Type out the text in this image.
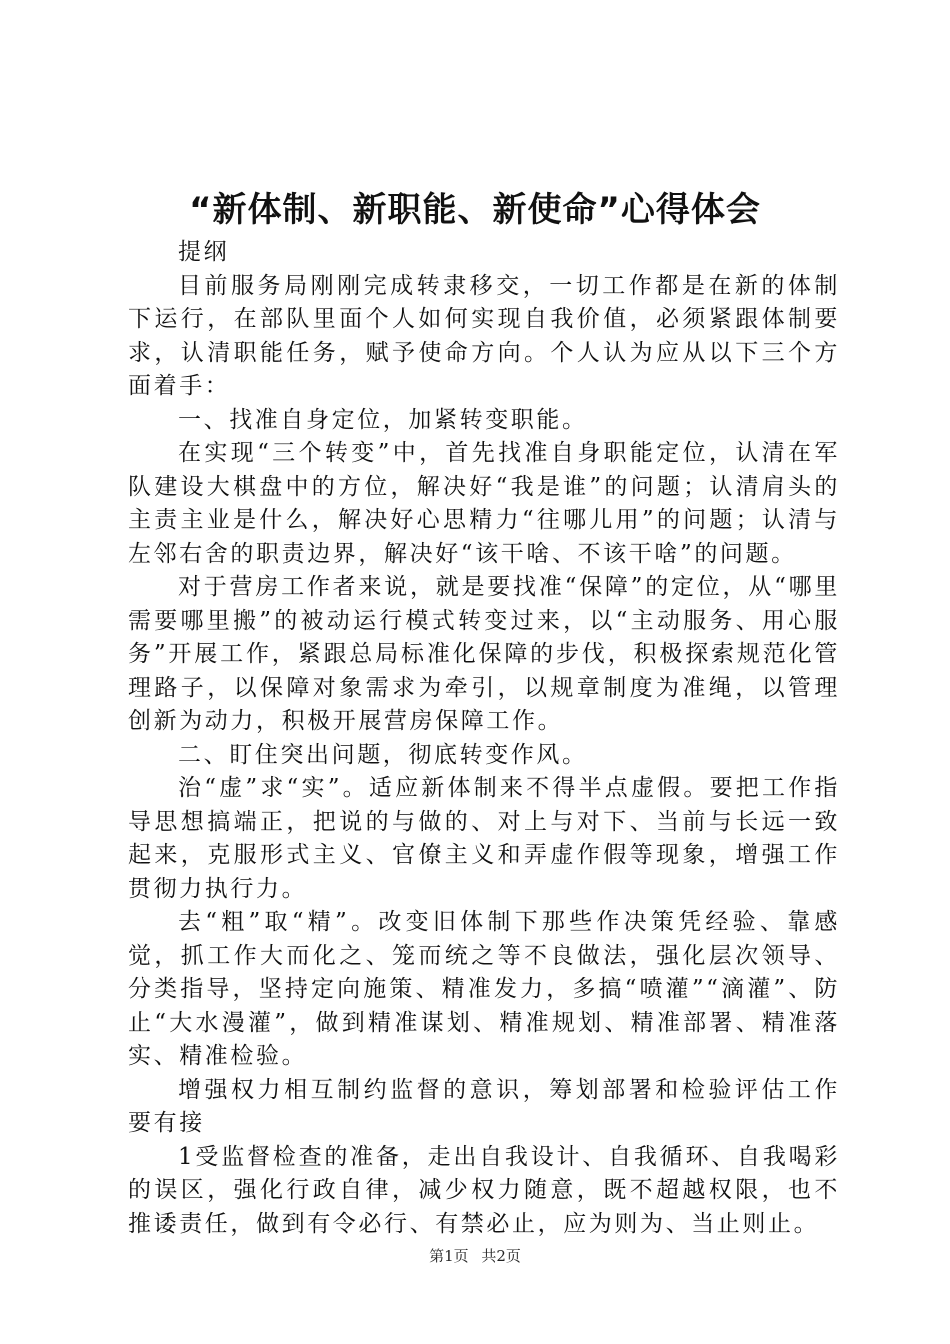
“新体制、新职能、新使命”心得体会

提纲

目前服务局刚刚完成转隶移交，一切工作都是在新的体制下运行，在部队里面个人如何实现自我价值，必须紧跟体制要求，认清职能任务，赋予使命方向。个人认为应从以下三个方面着手：

一、找准自身定位，加紧转变职能。

在实现“三个转变”中，首先找准自身职能定位，认清在军队建设大棋盘中的方位，解决好“我是谁”的问题；认清肩头的主责主业是什么，解决好心思精力“往哪儿用”的问题；认清与左邻右舍的职责边界，解决好“该干啥、不该干啥”的问题。

对于营房工作者来说，就是要找准“保障”的定位，从“哪里需要哪里搬”的被动运行模式转变过来，以“主动服务、用心服务”开展工作，紧跟总局标准化保障的步伐，积极探索规范化管理路子，以保障对象需求为牵引，以规章制度为准绳，以管理创新为动力，积极开展营房保障工作。

二、盯住突出问题，彻底转变作风。

治“虚”求“实”。适应新体制来不得半点虚假。要把工作指导思想搞端正，把说的与做的、对上与对下、当前与长远一致起来，克服形式主义、官僚主义和弄虚作假等现象，增强工作贯彻力执行力。

去“粗”取“精”。改变旧体制下那些作决策凭经验、靠感觉，抓工作大而化之、笼而统之等不良做法，强化层次领导、分类指导，坚持定向施策、精准发力，多搞“喷灌”“滴灌”、防止“大水漫灌”，做到精准谋划、精准规划、精准部署、精准落实、精准检验。

增强权力相互制约监督的意识，筹划部署和检验评估工作要有接

1受监督检查的准备，走出自我设计、自我循环、自我喝彩的误区，强化行政自律，减少权力随意，既不超越权限，也不推诿责任，做到有令必行、有禁必止，应为则为、当止则止。

第1页 共2页
